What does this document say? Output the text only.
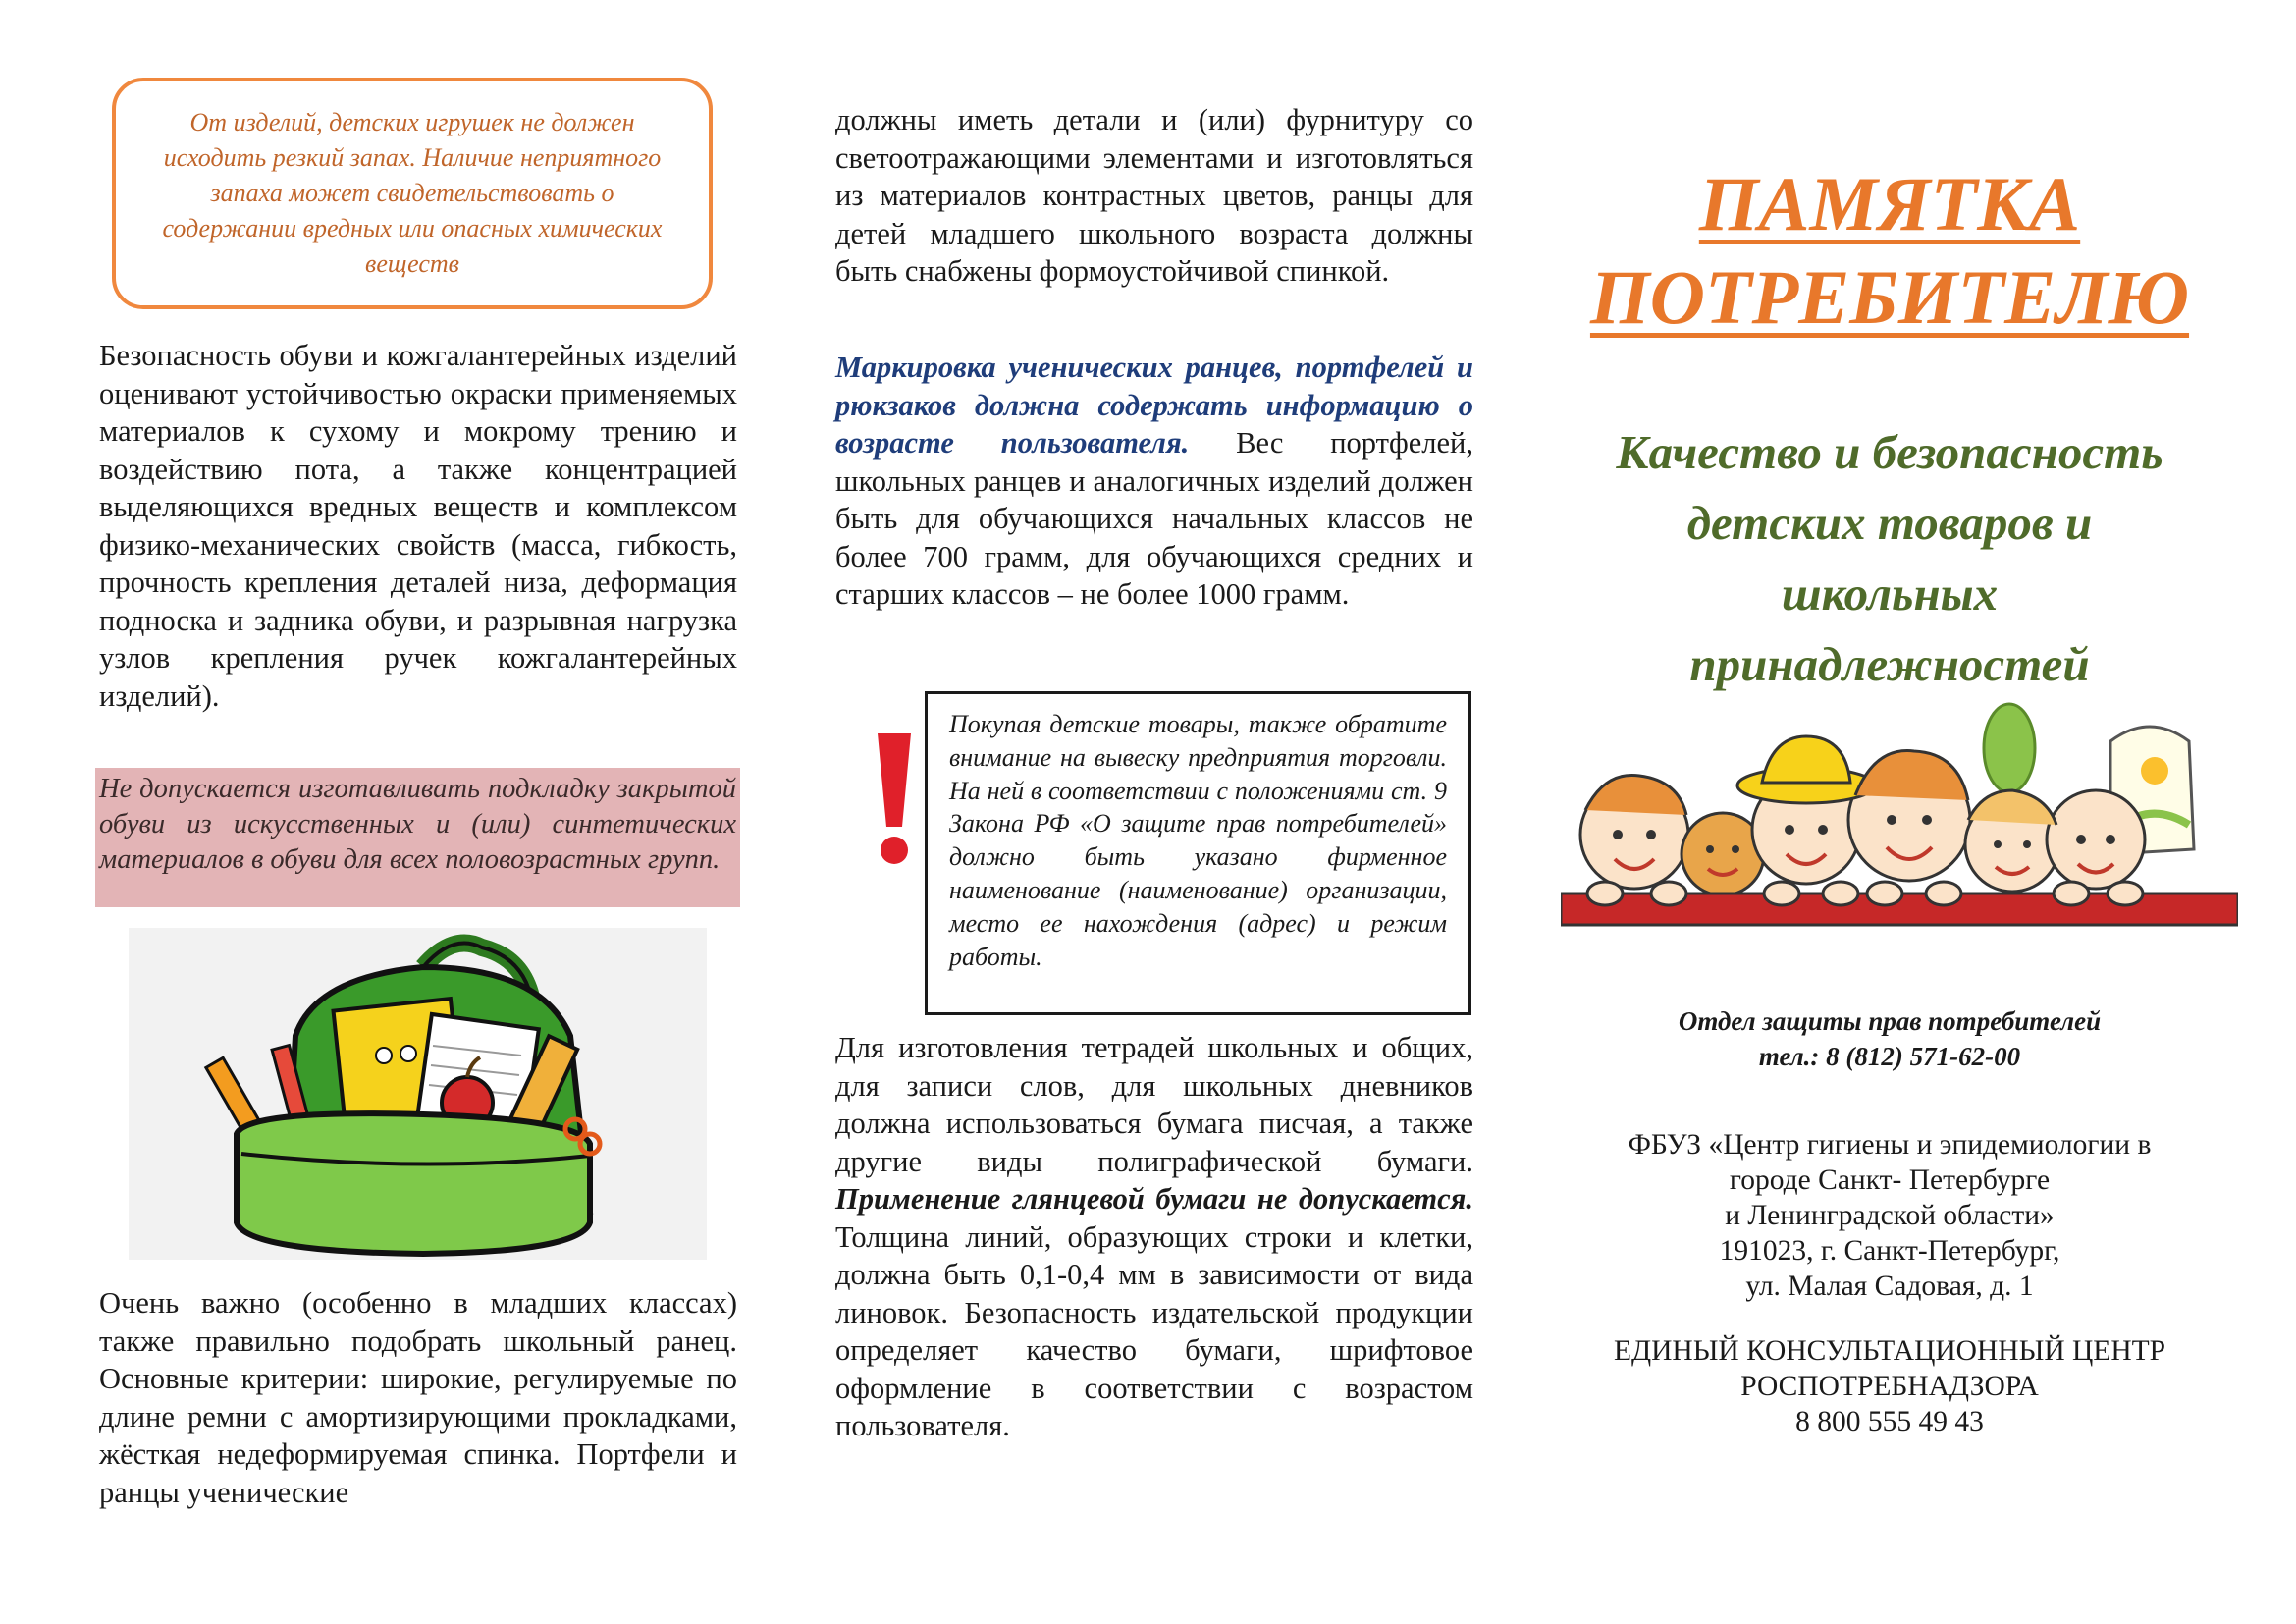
От изделий, детских игрушек не должен исходить резкий запах. Наличие неприятного запаха может свидетельствовать о содержании вредных или опасных химических веществ

Безопасность обуви и кожгалантерейных изделий оценивают устойчивостью окраски применяемых материалов к сухому и мокрому трению и воздействию пота, а также концентрацией выделяющихся вредных веществ и комплексом физико-механических свойств (масса, гибкость, прочность крепления деталей низа, деформация подноска и задника обуви, и разрывная нагрузка узлов крепления ручек кожгалантерейных изделий).
Не допускается изготавливать подкладку закрытой обуви из искусственных и (или) синтетических материалов в обуви для всех половозрастных групп.
Очень важно (особенно в младших классах) также правильно подобрать школьный ранец. Основные критерии: широкие, регулируемые по длине ремни с амортизирующими прокладками, жёсткая недеформируемая спинка. Портфели и ранцы ученические
должны иметь детали и (или) фурнитуру со светоотражающими элементами и изготовляться из материалов контрастных цветов, ранцы для детей младшего школьного возраста должны быть снабжены формоустойчивой спинкой.
Маркировка ученических ранцев, портфелей и рюкзаков должна содержать информацию о возрасте пользователя. Вес портфелей, школьных ранцев и аналогичных изделий должен быть для обучающихся начальных классов не более 700 грамм, для обучающихся средних и старших классов – не более 1000 грамм.
Покупая детские товары, также обратите внимание на вывеску предприятия торговли. На ней в соответствии с положениями ст. 9 Закона РФ «О защите прав потребителей» должно быть указано фирменное наименование (наименование) организации, место ее нахождения (адрес) и режим работы.
Для изготовления тетрадей школьных и общих, для записи слов, для школьных дневников должна использоваться бумага писчая, а также другие виды полиграфической бумаги. Применение глянцевой бумаги не допускается. Толщина линий, образующих строки и клетки, должна быть 0,1-0,4 мм в зависимости от вида линовок. Безопасность издательской продукции определяет качество бумаги, шрифтовое оформление в соответствии с возрастом пользователя.
ПАМЯТКА
ПОТРЕБИТЕЛЮ
Качество и безопасность
детских товаров и
школьных
принадлежностей
Отдел защиты прав потребителей
тел.: 8 (812) 571-62-00
ФБУЗ «Центр гигиены и эпидемиологии в
городе Санкт- Петербурге
и Ленинградской области»
191023, г. Санкт-Петербург,
ул. Малая Садовая, д. 1
ЕДИНЫЙ КОНСУЛЬТАЦИОННЫЙ ЦЕНТР
РОСПОТРЕБНАДЗОРА
8 800 555 49 43
